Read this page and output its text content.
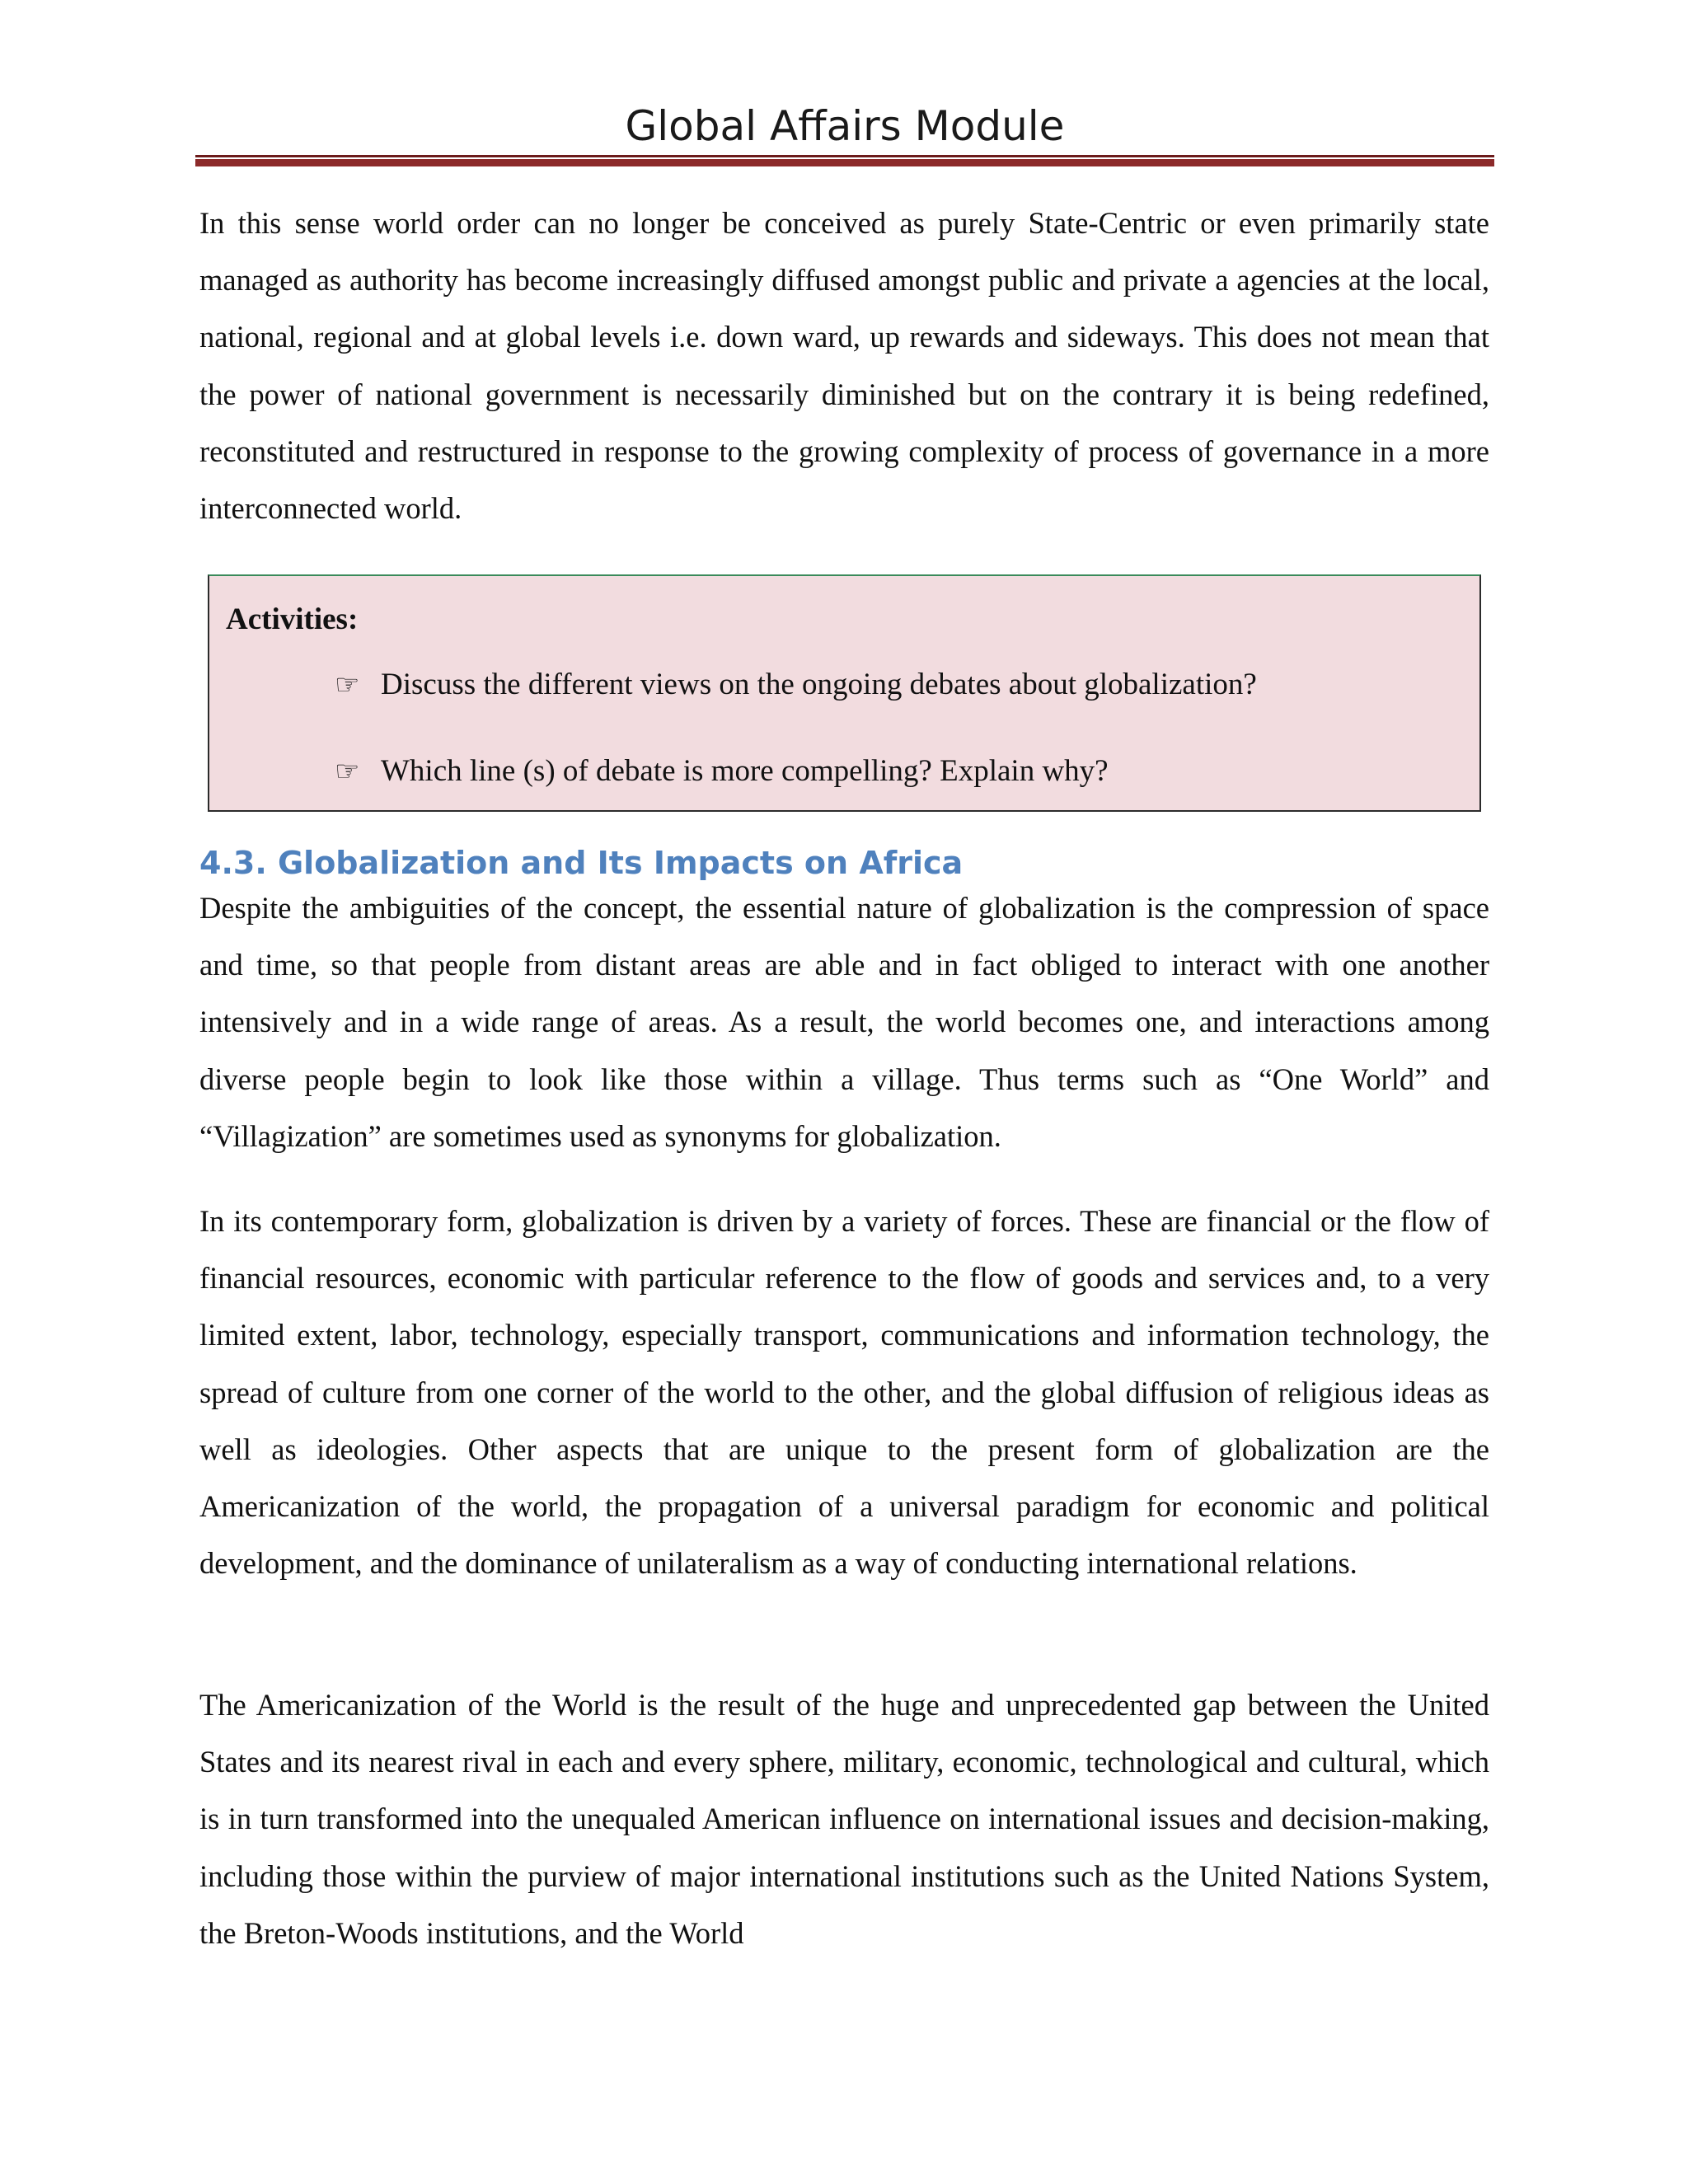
Global Affairs Module

In this sense world order can no longer be conceived as purely State-Centric or even primarily state managed as authority has become increasingly diffused amongst public and private a agencies at the local, national, regional and at global levels i.e. down ward, up rewards and sideways. This does not mean that the power of national government is necessarily diminished but on the contrary it is being redefined, reconstituted and restructured in response to the growing complexity of process of governance in a more interconnected world.

Activities:
☞ Discuss the different views on the ongoing debates about globalization?
☞ Which line (s) of debate is more compelling? Explain why?
4.3. Globalization and Its Impacts on Africa

Despite the ambiguities of the concept, the essential nature of globalization is the compression of space and time, so that people from distant areas are able and in fact obliged to interact with one another intensively and in a wide range of areas. As a result, the world becomes one, and interactions among diverse people begin to look like those within a village. Thus terms such as “One World” and “Villagization” are sometimes used as synonyms for globalization.

In its contemporary form, globalization is driven by a variety of forces. These are financial or the flow of financial resources, economic with particular reference to the flow of goods and services and, to a very limited extent, labor, technology, especially transport, communications and information technology, the spread of culture from one corner of the world to the other, and the global diffusion of religious ideas as well as ideologies. Other aspects that are unique to the present form of globalization are the Americanization of the world, the propagation of a universal paradigm for economic and political development, and the dominance of unilateralism as a way of conducting international relations.

The Americanization of the World is the result of the huge and unprecedented gap between the United States and its nearest rival in each and every sphere, military, economic, technological and cultural, which is in turn transformed into the unequaled American influence on international issues and decision-making, including those within the purview of major international institutions such as the United Nations System, the Breton-Woods institutions, and the World
